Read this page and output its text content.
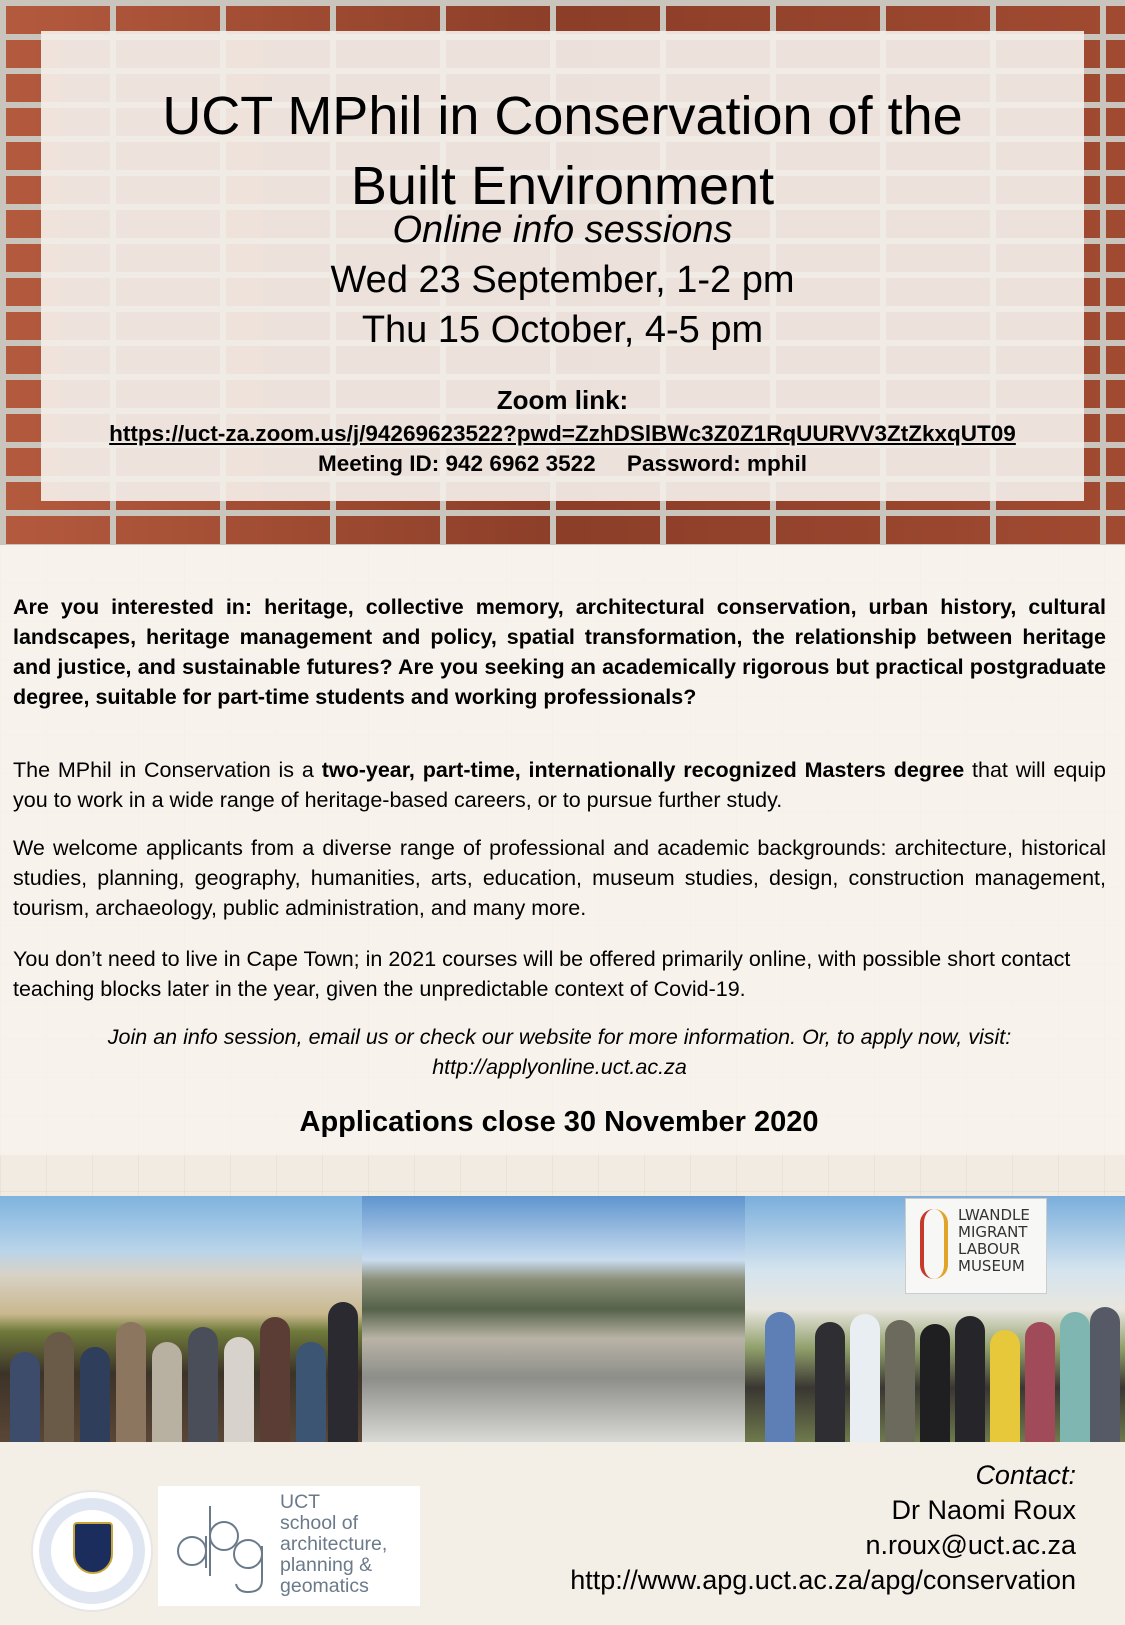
UCT MPhil in Conservation of the
Built Environment
Online info sessions
Wed 23 September, 1-2 pm
Thu 15 October, 4-5 pm
Zoom link:
https://uct-za.zoom.us/j/94269623522?pwd=ZzhDSlBWc3Z0Z1RqUURVV3ZtZkxqUT09
Meeting ID: 942 6962 3522     Password: mphil

Are you interested in: heritage, collective memory, architectural conservation, urban history, cultural landscapes, heritage management and policy, spatial transformation, the relationship between heritage and justice, and sustainable futures? Are you seeking an academically rigorous but practical postgraduate degree, suitable for part-time students and working professionals?

The MPhil in Conservation is a two-year, part-time, internationally recognized Masters degree that will equip you to work in a wide range of heritage-based careers, or to pursue further study.

We welcome applicants from a diverse range of professional and academic backgrounds: architecture, historical studies, planning, geography, humanities, arts, education, museum studies, design, construction management, tourism, archaeology, public administration, and many more.

You don’t need to live in Cape Town; in 2021 courses will be offered primarily online, with possible short contact teaching blocks later in the year, given the unpredictable context of Covid-19.

Join an info session, email us or check our website for more information. Or, to apply now, visit:
http://applyonline.uct.ac.za

Applications close 30 November 2020
LWANDLE
MIGRANT
LABOUR
MUSEUM
UCT
school of
architecture,
planning &
geomatics
Contact:
Dr Naomi Roux
n.roux@uct.ac.za
http://www.apg.uct.ac.za/apg/conservation
